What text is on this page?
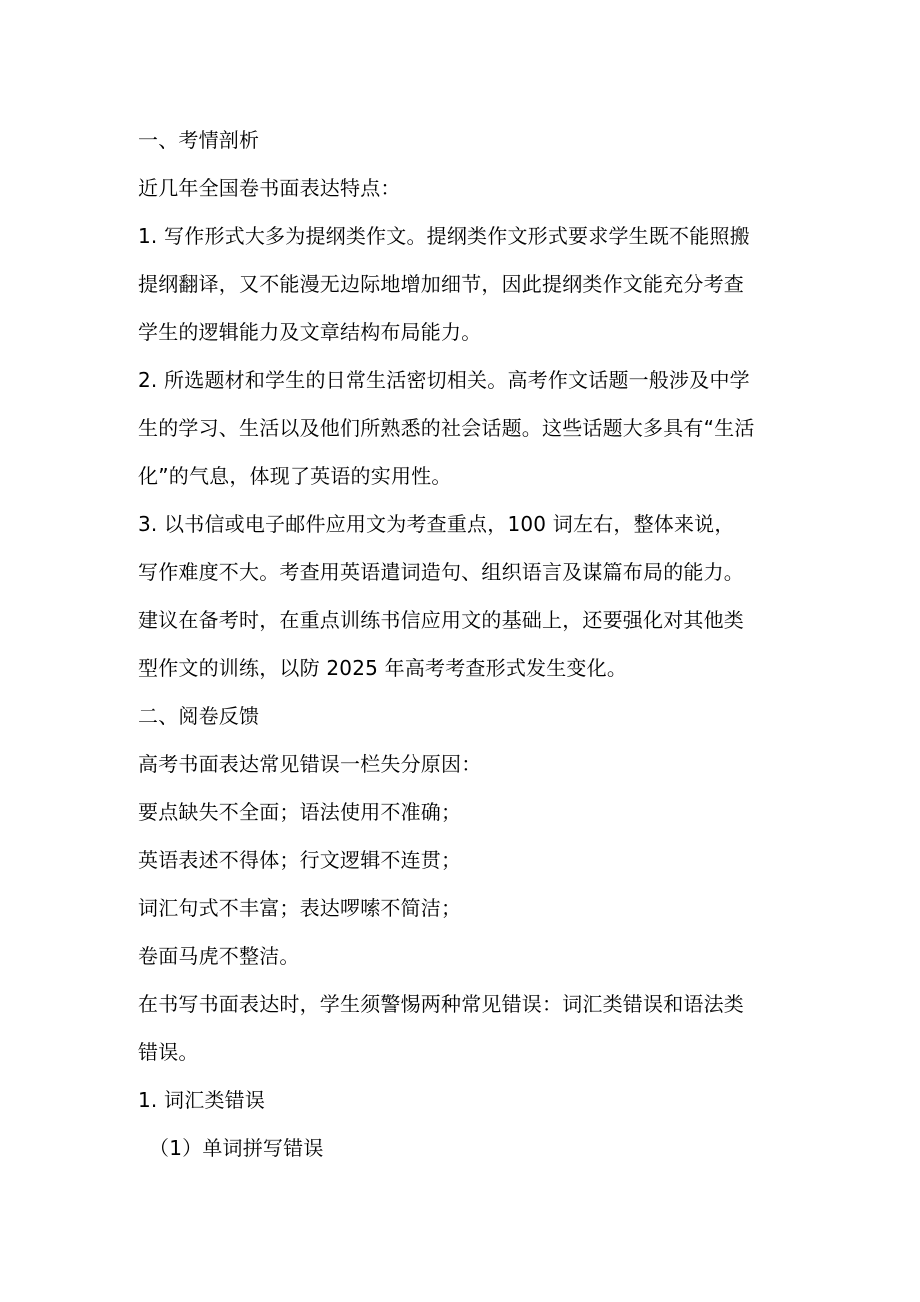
一、考情剖析
近几年全国卷书面表达特点：
1. 写作形式大多为提纲类作文。提纲类作文形式要求学生既不能照搬
提纲翻译，又不能漫无边际地增加细节，因此提纲类作文能充分考查
学生的逻辑能力及文章结构布局能力。
2. 所选题材和学生的日常生活密切相关。高考作文话题一般涉及中学
生的学习、生活以及他们所熟悉的社会话题。这些话题大多具有“生活
化”的气息，体现了英语的实用性。
3. 以书信或电子邮件应用文为考查重点，100 词左右，整体来说，
写作难度不大。考查用英语遣词造句、组织语言及谋篇布局的能力。
建议在备考时，在重点训练书信应用文的基础上，还要强化对其他类
型作文的训练，以防 2025 年高考考查形式发生变化。
二、阅卷反馈
高考书面表达常见错误一栏失分原因：
要点缺失不全面；语法使用不准确；
英语表述不得体；行文逻辑不连贯；
词汇句式不丰富；表达啰嗦不简洁；
卷面马虎不整洁。
在书写书面表达时，学生须警惕两种常见错误：词汇类错误和语法类
错误。
1. 词汇类错误
（1）单词拼写错误
